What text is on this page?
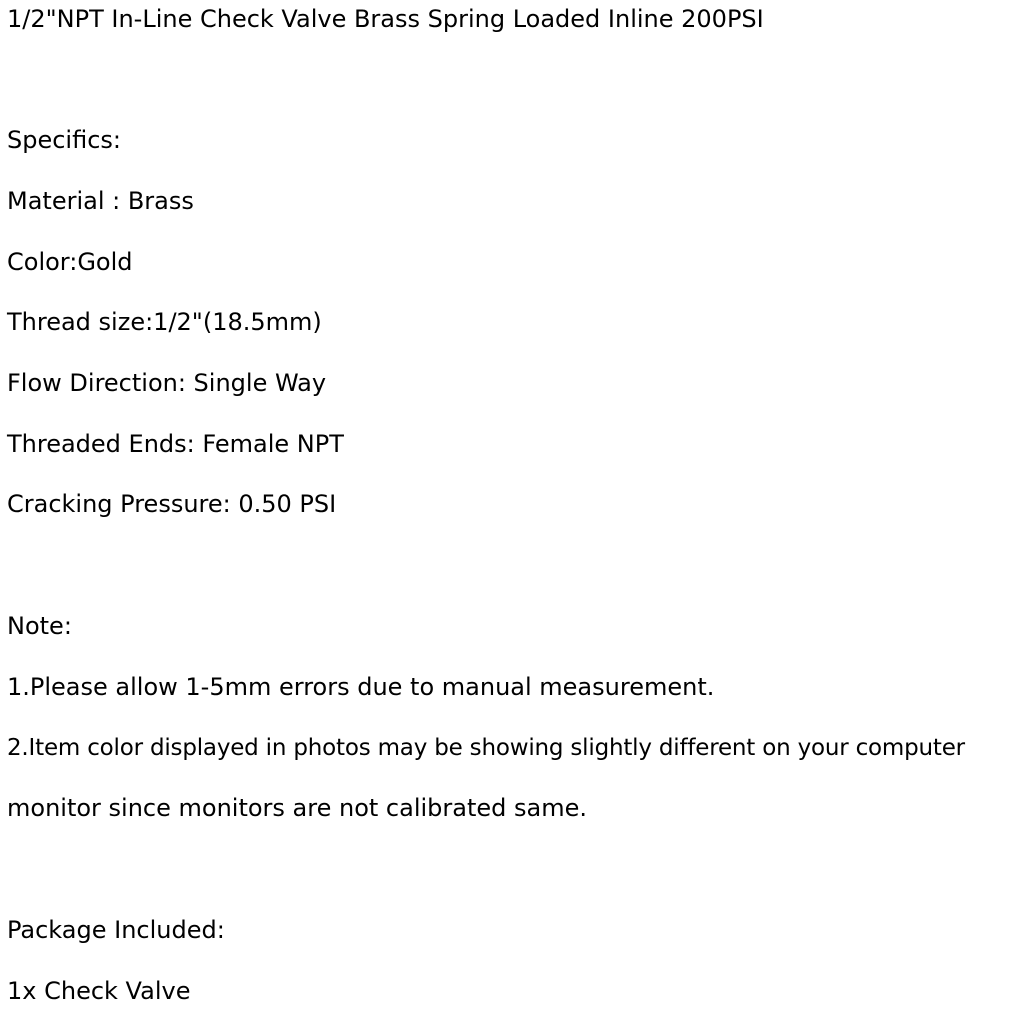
1/2"NPT In-Line Check Valve Brass Spring Loaded Inline 200PSI
Specifics:
Material : Brass
Color:Gold
Thread size:1/2"(18.5mm)
Flow Direction: Single Way
Threaded Ends: Female NPT
Cracking Pressure: 0.50 PSI
Note:
1.Please allow 1-5mm errors due to manual measurement.
2.Item color displayed in photos may be showing slightly different on your computer
monitor since monitors are not calibrated same.
Package Included:
1x Check Valve
